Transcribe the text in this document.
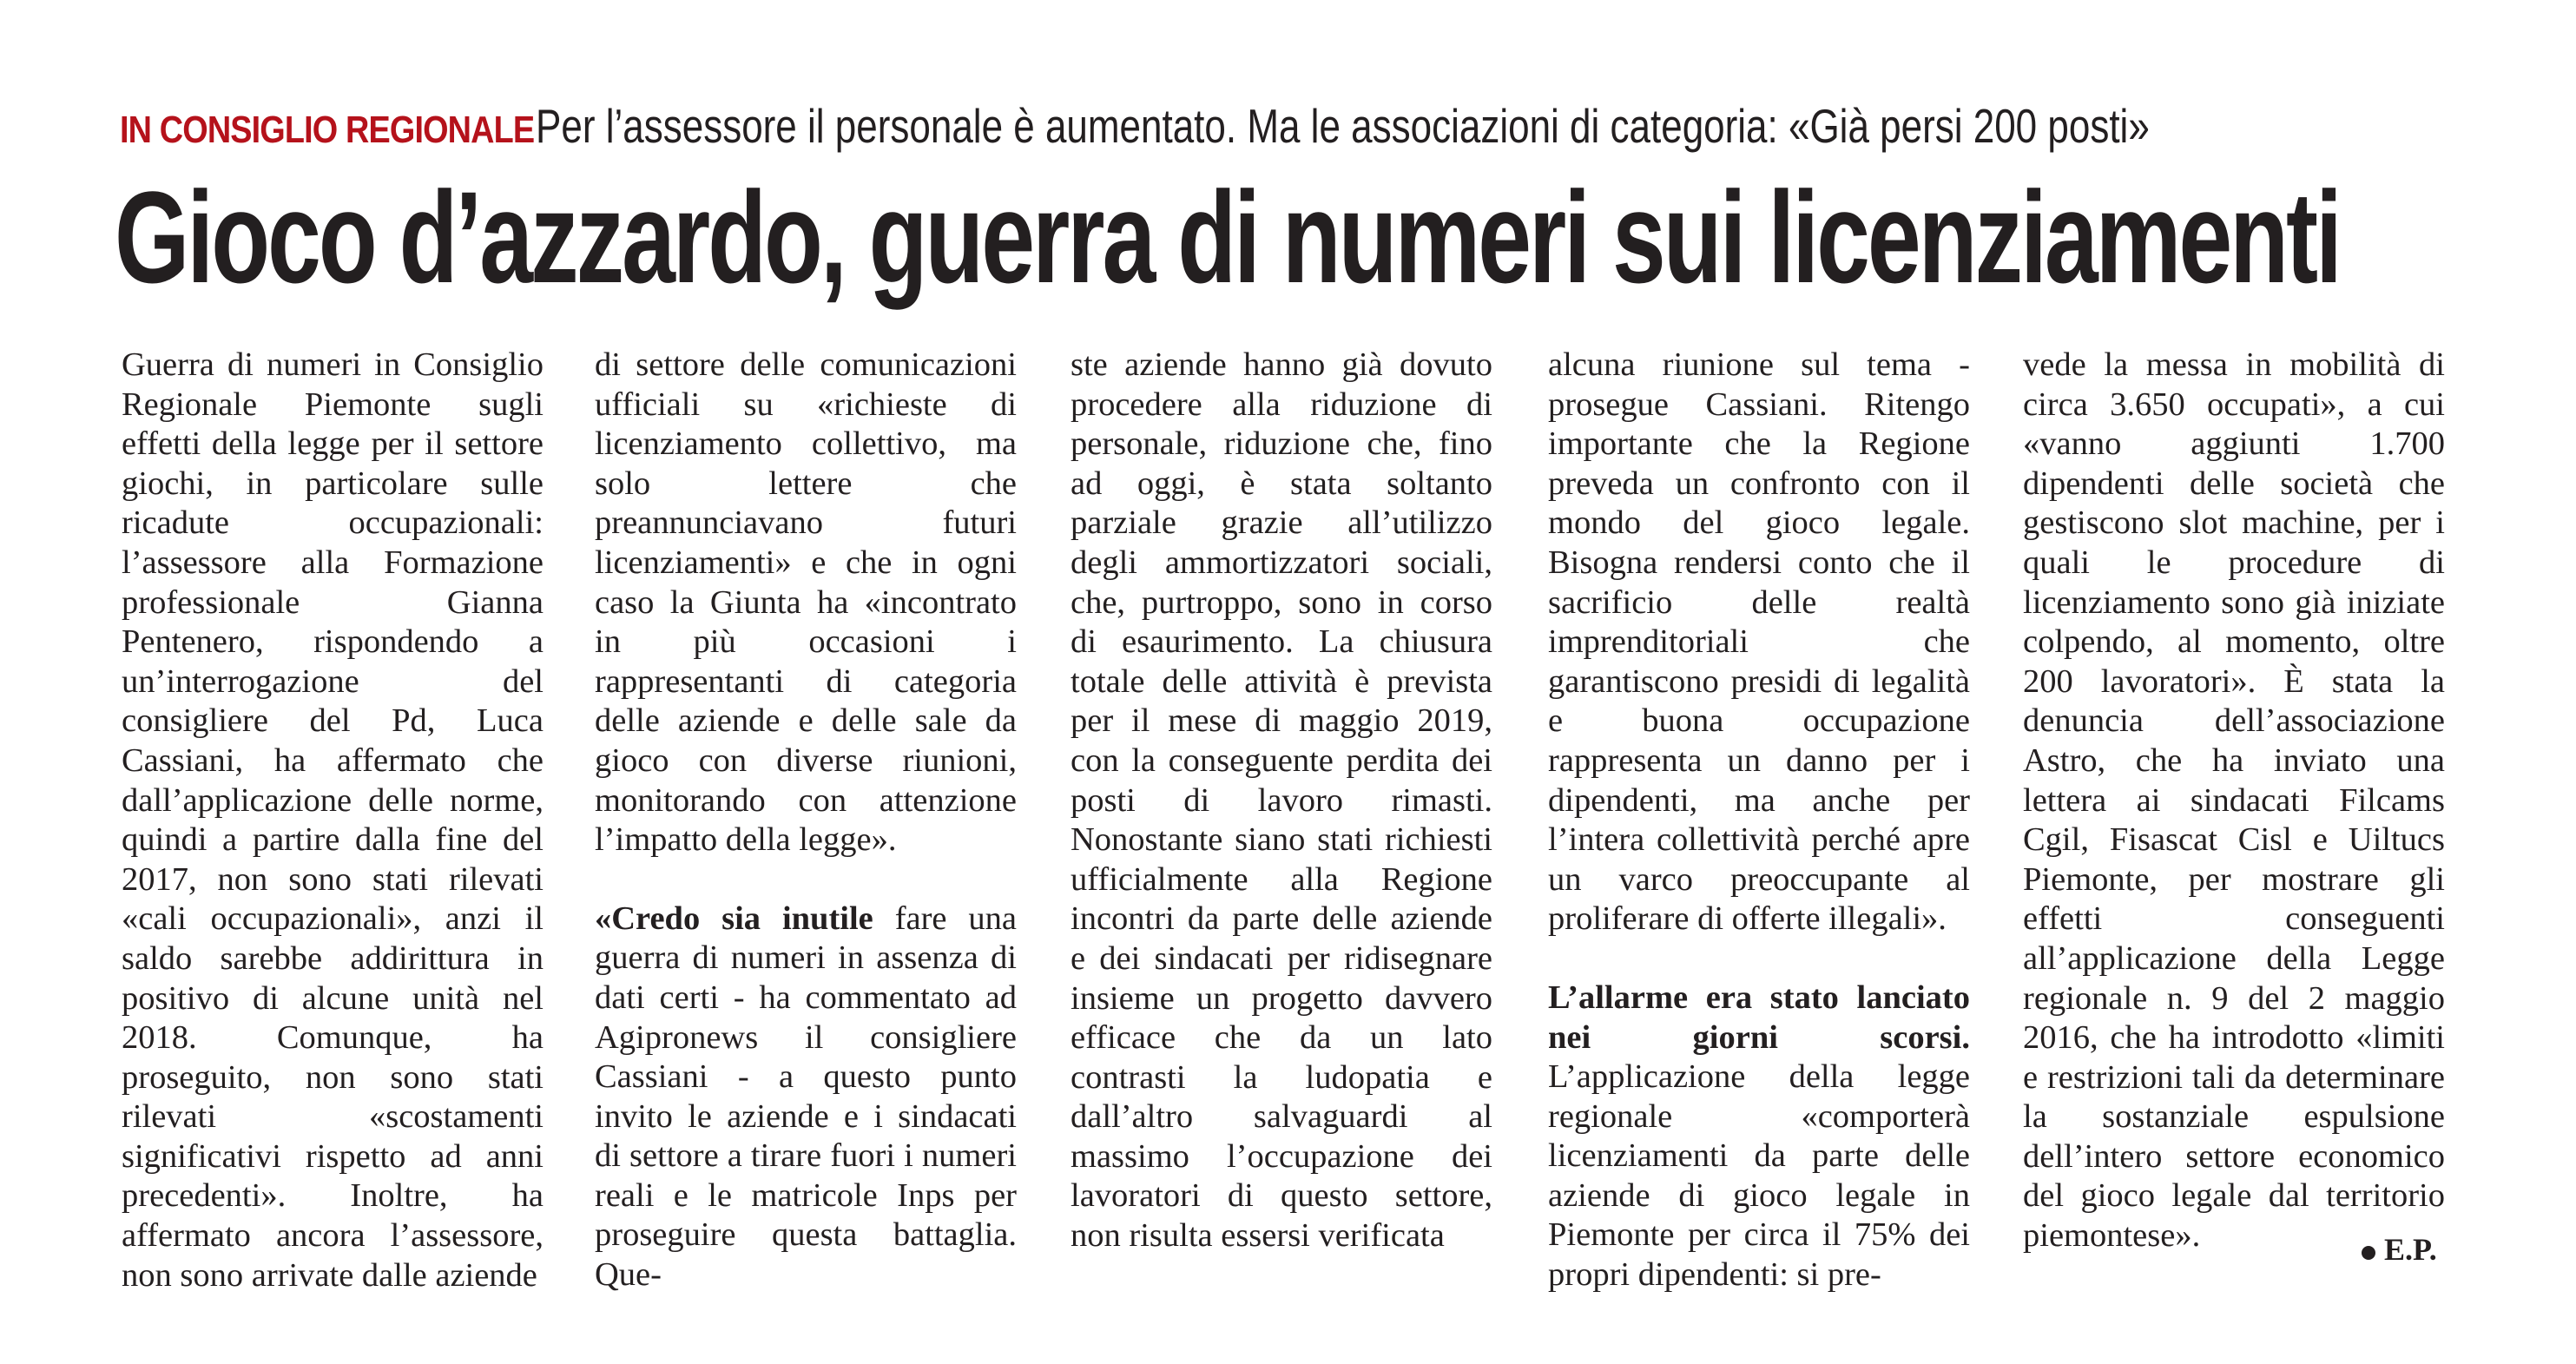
IN CONSIGLIO REGIONALE Per l’assessore il personale è aumentato. Ma le associazioni di categoria: «Già persi 200 posti»
Gioco d’azzardo, guerra di numeri sui licenziamenti

Guerra di numeri in Consiglio Regionale Piemonte sugli effetti della legge per il settore giochi, in particolare sulle ricadute occupazionali: l’assessore alla Formazione professionale Gianna Pentenero, rispondendo a un’interrogazione del consigliere del Pd, Luca Cassiani, ha affermato che dall’applicazione delle norme, quindi a partire dalla fine del 2017, non sono stati rilevati «cali occupazionali», anzi il saldo sarebbe addirittura in positivo di alcune unità nel 2018. Comunque, ha proseguito, non sono stati rilevati «scostamenti significativi rispetto ad anni precedenti». Inoltre, ha affermato ancora l’assessore, non sono arrivate dalle aziende

di settore delle comunicazioni ufficiali su «richieste di licenziamento collettivo, ma solo lettere che preannunciavano futuri licenziamenti» e che in ogni caso la Giunta ha «incontrato in più occasioni i rappresentanti di categoria delle aziende e delle sale da gioco con diverse riunioni, monitorando con attenzione l’impatto della legge».

«Credo sia inutile fare una guerra di numeri in assenza di dati certi - ha commentato ad Agipronews il consigliere Cassiani - a questo punto invito le aziende e i sindacati di settore a tirare fuori i numeri reali e le matricole Inps per proseguire questa battaglia. Que-

ste aziende hanno già dovuto procedere alla riduzione di personale, riduzione che, fino ad oggi, è stata soltanto parziale grazie all’utilizzo degli ammortizzatori sociali, che, purtroppo, sono in corso di esaurimento. La chiusura totale delle attività è prevista per il mese di maggio 2019, con la conseguente perdita dei posti di lavoro rimasti. Nonostante siano stati richiesti ufficialmente alla Regione incontri da parte delle aziende e dei sindacati per ridisegnare insieme un progetto davvero efficace che da un lato contrasti la ludopatia e dall’altro salvaguardi al massimo l’occupazione dei lavoratori di questo settore, non risulta essersi verificata

alcuna riunione sul tema - prosegue Cassiani. Ritengo importante che la Regione preveda un confronto con il mondo del gioco legale. Bisogna rendersi conto che il sacrificio delle realtà imprenditoriali che garantiscono presidi di legalità e buona occupazione rappresenta un danno per i dipendenti, ma anche per l’intera collettività perché apre un varco preoccupante al proliferare di offerte illegali».

L’allarme era stato lanciato nei giorni scorsi. L’applicazione della legge regionale «comporterà licenziamenti da parte delle aziende di gioco legale in Piemonte per circa il 75% dei propri dipendenti: si pre-

vede la messa in mobilità di circa 3.650 occupati», a cui «vanno aggiunti 1.700 dipendenti delle società che gestiscono slot machine, per i quali le procedure di licenziamento sono già iniziate colpendo, al momento, oltre 200 lavoratori». È stata la denuncia dell’associazione Astro, che ha inviato una lettera ai sindacati Filcams Cgil, Fisascat Cisl e Uiltucs Piemonte, per mostrare gli effetti conseguenti all’applicazione della Legge regionale n. 9 del 2 maggio 2016, che ha introdotto «limiti e restrizioni tali da determinare la sostanziale espulsione dell’intero settore economico del gioco legale dal territorio piemontese».	E.P.
